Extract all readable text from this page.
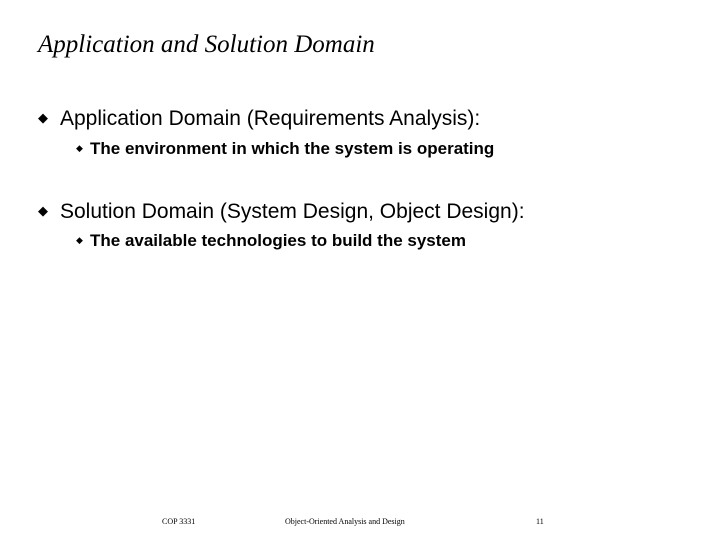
Application and Solution Domain
◆ Application Domain (Requirements Analysis):
◆ The environment in which the system is operating
◆ Solution Domain (System Design, Object Design):
◆ The available technologies to build the system
COP 3331	Object-Oriented Analysis and Design	11
